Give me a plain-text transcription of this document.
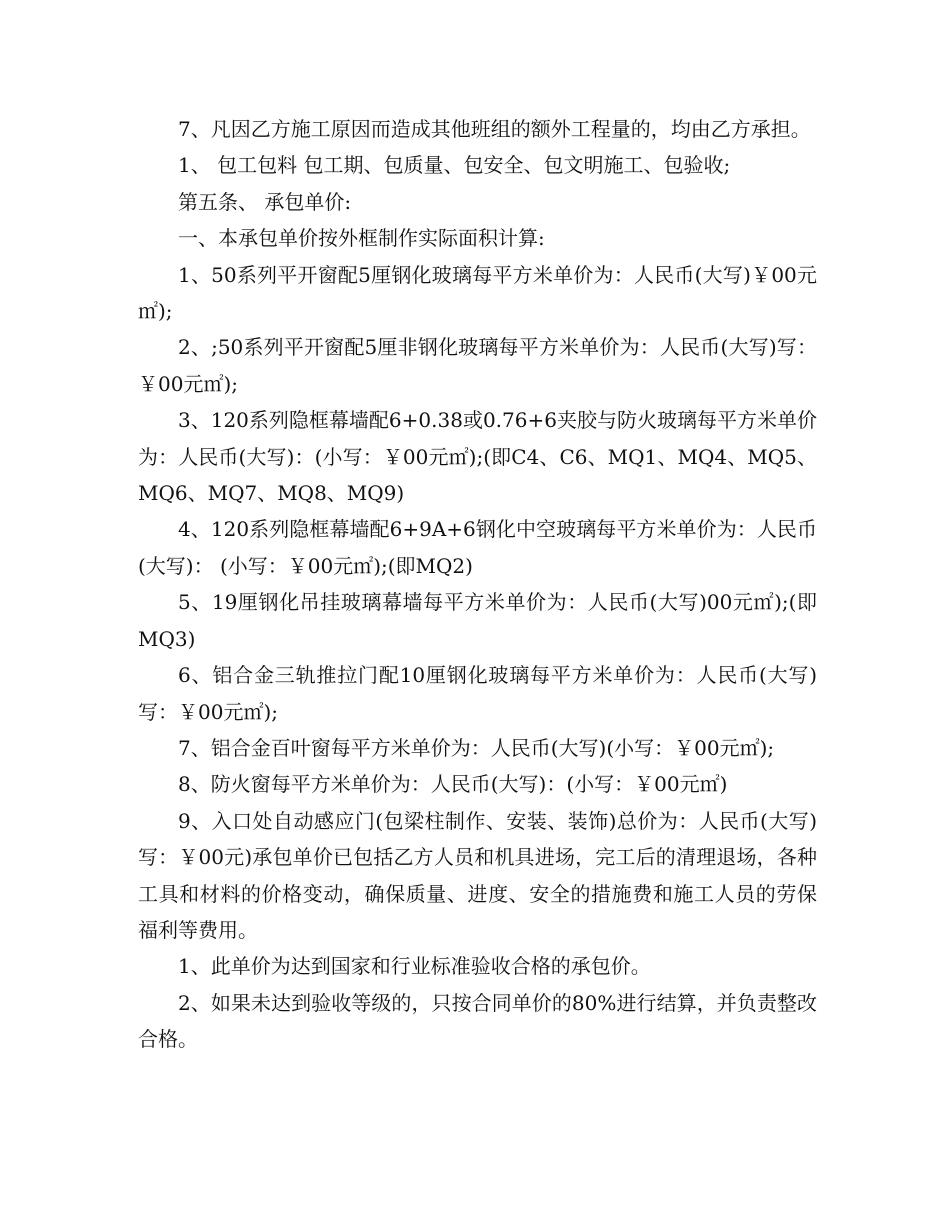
7、凡因乙方施工原因而造成其他班组的额外工程量的，均由乙方承担。

1、 包工包料 包工期、包质量、包安全、包文明施工、包验收;

第五条、 承包单价:

一、本承包单价按外框制作实际面积计算:

1、50系列平开窗配5厘钢化玻璃每平方米单价为：人民币(大写)￥00元㎡);

2、;50系列平开窗配5厘非钢化玻璃每平方米单价为：人民币(大写)写：￥00元㎡);

3、120系列隐框幕墙配6+0.38或0.76+6夹胶与防火玻璃每平方米单价为：人民币(大写)：(小写：￥00元㎡);(即C4、C6、MQ1、MQ4、MQ5、MQ6、MQ7、MQ8、MQ9)

4、120系列隐框幕墙配6+9A+6钢化中空玻璃每平方米单价为：人民币(大写)： (小写：￥00元㎡);(即MQ2)

5、19厘钢化吊挂玻璃幕墙每平方米单价为：人民币(大写)00元㎡);(即MQ3)

6、铝合金三轨推拉门配10厘钢化玻璃每平方米单价为：人民币(大写)写：￥00元㎡);

7、铝合金百叶窗每平方米单价为：人民币(大写)(小写：￥00元㎡);

8、防火窗每平方米单价为：人民币(大写)：(小写：￥00元㎡)

9、入口处自动感应门(包梁柱制作、安装、装饰)总价为：人民币(大写)写：￥00元)承包单价已包括乙方人员和机具进场，完工后的清理退场，各种工具和材料的价格变动，确保质量、进度、安全的措施费和施工人员的劳保福利等费用。

1、此单价为达到国家和行业标准验收合格的承包价。

2、如果未达到验收等级的，只按合同单价的80%进行结算，并负责整改合格。
